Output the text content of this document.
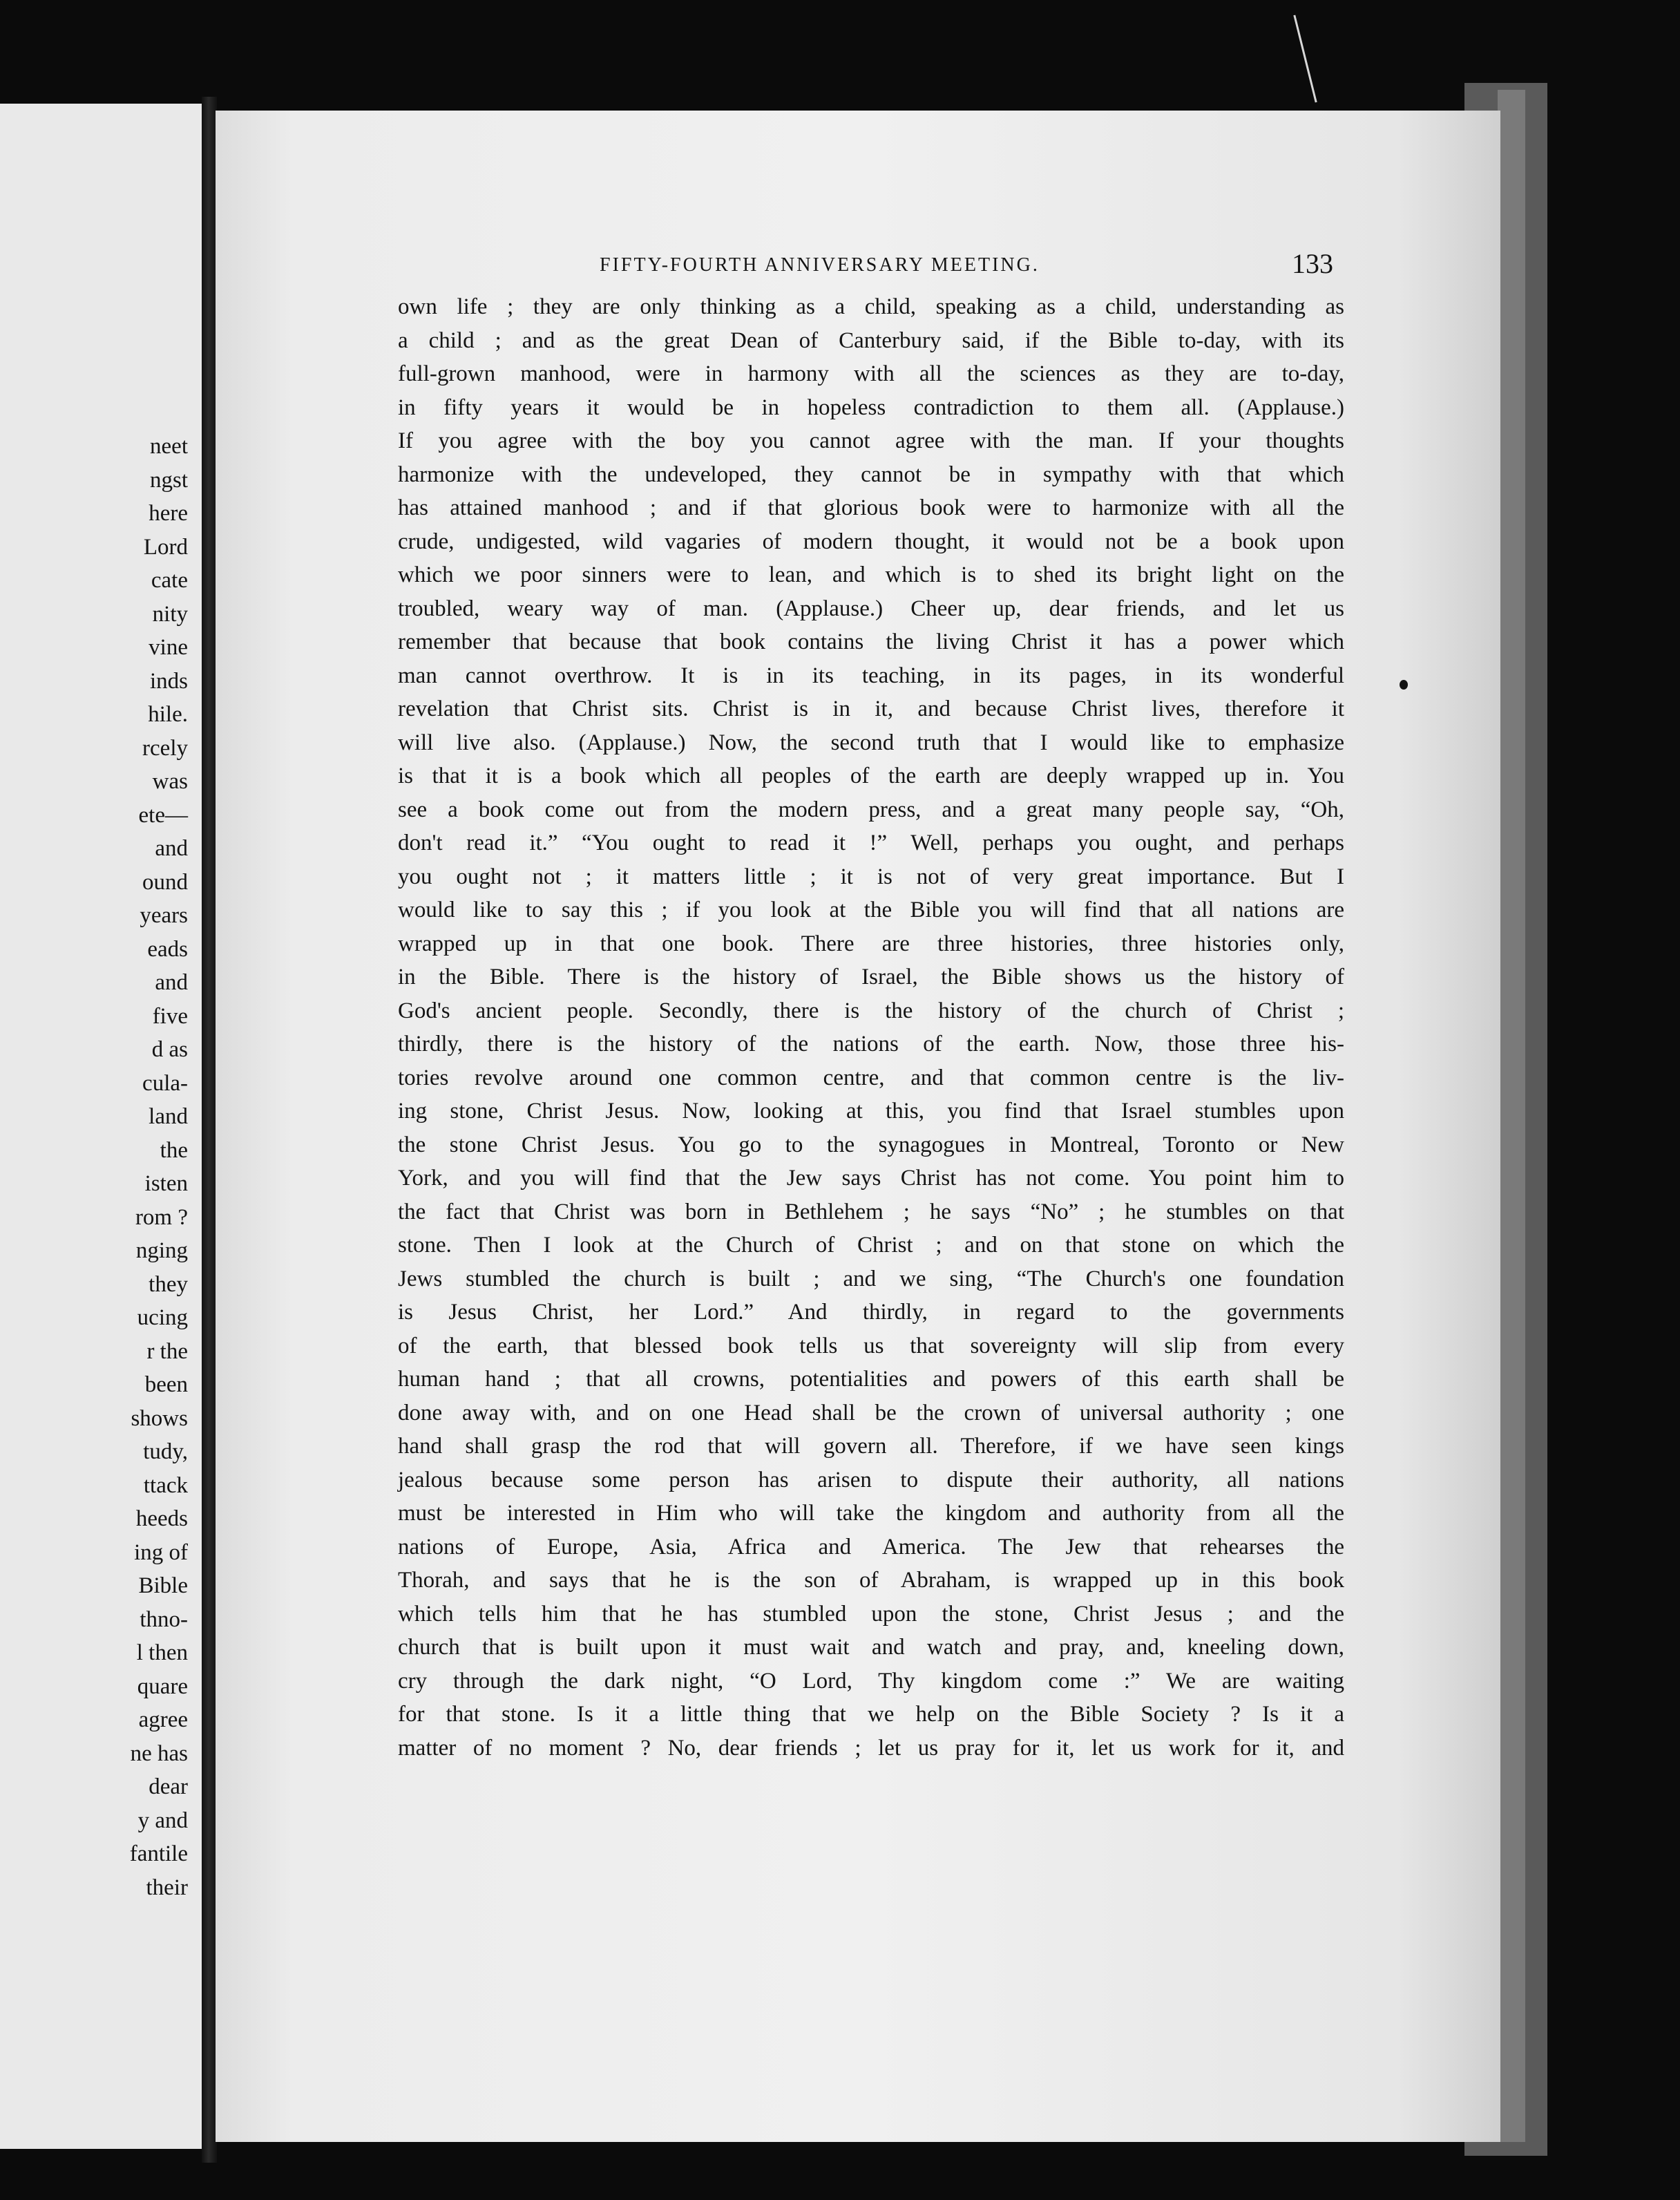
neet
ngst
here
Lord
cate
nity
vine
inds
hile.
rcely
was
ete—
and
ound
years
eads
and
five
d as
cula-
land
the
isten
rom ?
nging
they
ucing
r the
been
shows
tudy,
ttack
heeds
ing of
Bible
thno-
l then
quare
agree
ne has
dear
y and
fantile
their
FIFTY-FOURTH ANNIVERSARY MEETING.	133
own life ; they are only thinking as a child, speaking as a child, understanding as
a child ; and as the great Dean of Canterbury said, if the Bible to-day, with its
full-grown manhood, were in harmony with all the sciences as they are to-day,
in fifty years it would be in hopeless contradiction to them all. (Applause.)
If you agree with the boy you cannot agree with the man. If your thoughts
harmonize with the undeveloped, they cannot be in sympathy with that which
has attained manhood ; and if that glorious book were to harmonize with all the
crude, undigested, wild vagaries of modern thought, it would not be a book upon
which we poor sinners were to lean, and which is to shed its bright light on the
troubled, weary way of man. (Applause.) Cheer up, dear friends, and let us
remember that because that book contains the living Christ it has a power which
man cannot overthrow. It is in its teaching, in its pages, in its wonderful
revelation that Christ sits. Christ is in it, and because Christ lives, therefore it
will live also. (Applause.) Now, the second truth that I would like to emphasize
is that it is a book which all peoples of the earth are deeply wrapped up in. You
see a book come out from the modern press, and a great many people say, “Oh,
don't read it.” “You ought to read it !” Well, perhaps you ought, and perhaps
you ought not ; it matters little ; it is not of very great importance. But I
would like to say this ; if you look at the Bible you will find that all nations are
wrapped up in that one book. There are three histories, three histories only,
in the Bible. There is the history of Israel, the Bible shows us the history of
God's ancient people. Secondly, there is the history of the church of Christ ;
thirdly, there is the history of the nations of the earth. Now, those three his-
tories revolve around one common centre, and that common centre is the liv-
ing stone, Christ Jesus. Now, looking at this, you find that Israel stumbles upon
the stone Christ Jesus. You go to the synagogues in Montreal, Toronto or New
York, and you will find that the Jew says Christ has not come. You point him to
the fact that Christ was born in Bethlehem ; he says “No” ; he stumbles on that
stone. Then I look at the Church of Christ ; and on that stone on which the
Jews stumbled the church is built ; and we sing, “The Church's one foundation
is Jesus Christ, her Lord.” And thirdly, in regard to the governments
of the earth, that blessed book tells us that sovereignty will slip from every
human hand ; that all crowns, potentialities and powers of this earth shall be
done away with, and on one Head shall be the crown of universal authority ; one
hand shall grasp the rod that will govern all. Therefore, if we have seen kings
jealous because some person has arisen to dispute their authority, all nations
must be interested in Him who will take the kingdom and authority from all the
nations of Europe, Asia, Africa and America. The Jew that rehearses the
Thorah, and says that he is the son of Abraham, is wrapped up in this book
which tells him that he has stumbled upon the stone, Christ Jesus ; and the
church that is built upon it must wait and watch and pray, and, kneeling down,
cry through the dark night, “O Lord, Thy kingdom come :” We are waiting
for that stone. Is it a little thing that we help on the Bible Society ? Is it a
matter of no moment ? No, dear friends ; let us pray for it, let us work for it, and
